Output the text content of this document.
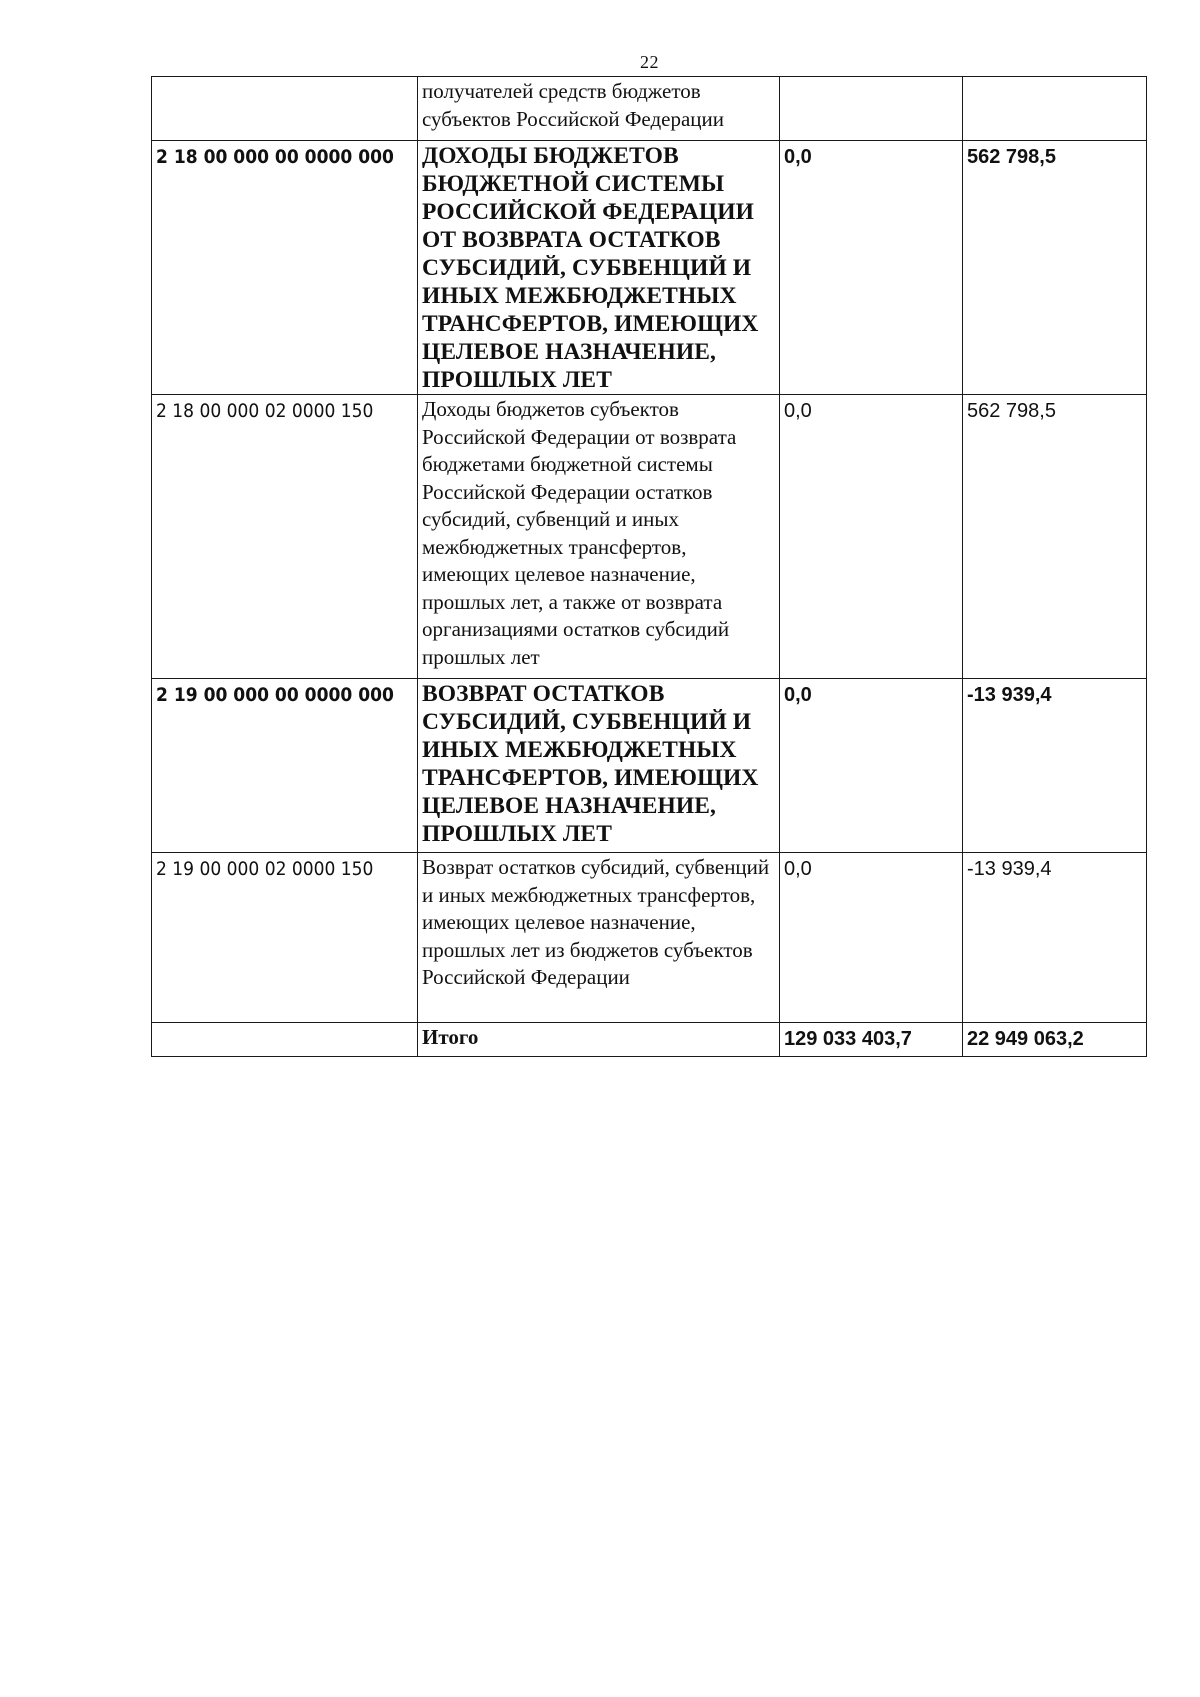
22
	получателей средств бюджетов субъектов Российской Федерации		
2 18 00 000 00 0000 000	ДОХОДЫ БЮДЖЕТОВ БЮДЖЕТНОЙ СИСТЕМЫ РОССИЙСКОЙ ФЕДЕРАЦИИ ОТ ВОЗВРАТА ОСТАТКОВ СУБСИДИЙ, СУБВЕНЦИЙ И ИНЫХ МЕЖБЮДЖЕТНЫХ ТРАНСФЕРТОВ, ИМЕЮЩИХ ЦЕЛЕВОЕ НАЗНАЧЕНИЕ, ПРОШЛЫХ ЛЕТ	0,0	562 798,5
2 18 00 000 02 0000 150	Доходы бюджетов субъектов Российской Федерации от возврата бюджетами бюджетной системы Российской Федерации остатков субсидий, субвенций и иных межбюджетных трансфертов, имеющих целевое назначение, прошлых лет, а также от возврата организациями остатков субсидий прошлых лет	0,0	562 798,5
2 19 00 000 00 0000 000	ВОЗВРАТ ОСТАТКОВ СУБСИДИЙ, СУБВЕНЦИЙ И ИНЫХ МЕЖБЮДЖЕТНЫХ ТРАНСФЕРТОВ, ИМЕЮЩИХ ЦЕЛЕВОЕ НАЗНАЧЕНИЕ, ПРОШЛЫХ ЛЕТ	0,0	-13 939,4
2 19 00 000 02 0000 150	Возврат остатков субсидий, субвенций и иных межбюджетных трансфертов, имеющих целевое назначение, прошлых лет из бюджетов субъектов Российской Федерации	0,0	-13 939,4
	Итого	129 033 403,7	22 949 063,2
